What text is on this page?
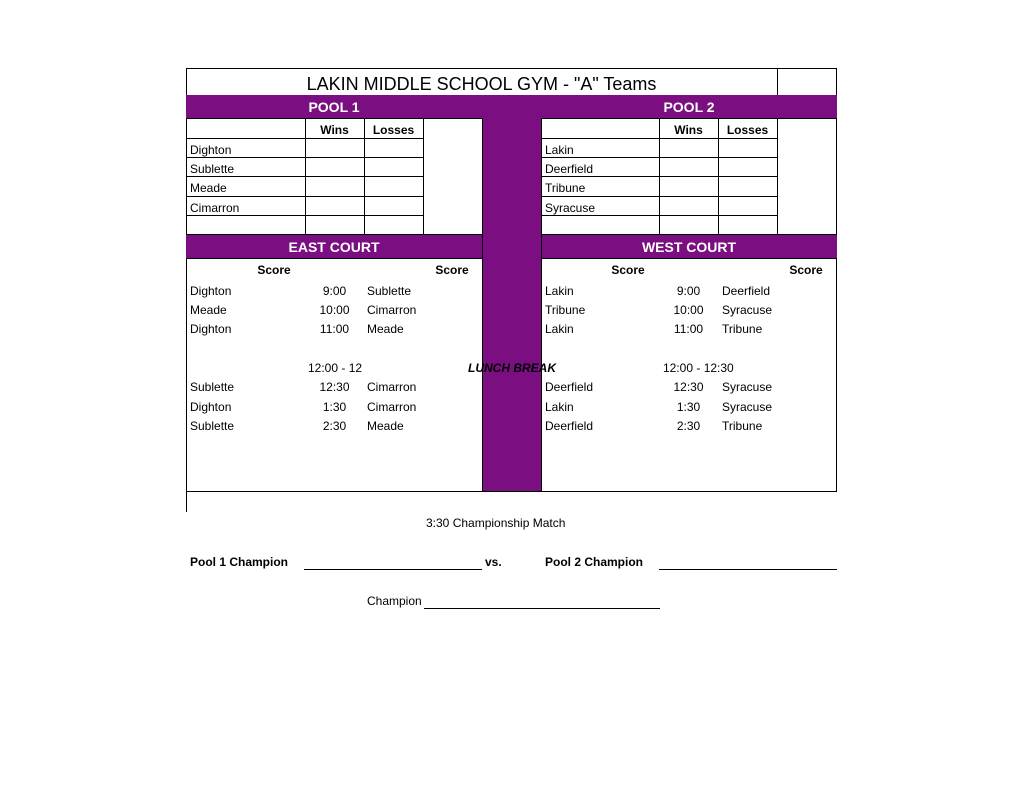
LAKIN MIDDLE SCHOOL GYM - "A" Teams
POOL 1	POOL 2
EAST COURT	WEST COURT
Wins	Losses
Dighton
Sublette
Meade
Cimarron
Wins	Losses
Lakin
Deerfield
Tribune
Syracuse
Score	Score
Dighton	9:00	Sublette
Meade	10:00	Cimarron
Dighton	11:00	Meade
12:00 - 12
Sublette	12:30	Cimarron
Dighton	1:30	Cimarron
Sublette	2:30	Meade
LUNCH BREAK
Score	Score
Lakin	9:00	Deerfield
Tribune	10:00	Syracuse
Lakin	11:00	Tribune
12:00 - 12:30
Deerfield	12:30	Syracuse
Lakin	1:30	Syracuse
Deerfield	2:30	Tribune
3:30 Championship Match
Pool 1 Champion	vs.	Pool 2 Champion
Champion
